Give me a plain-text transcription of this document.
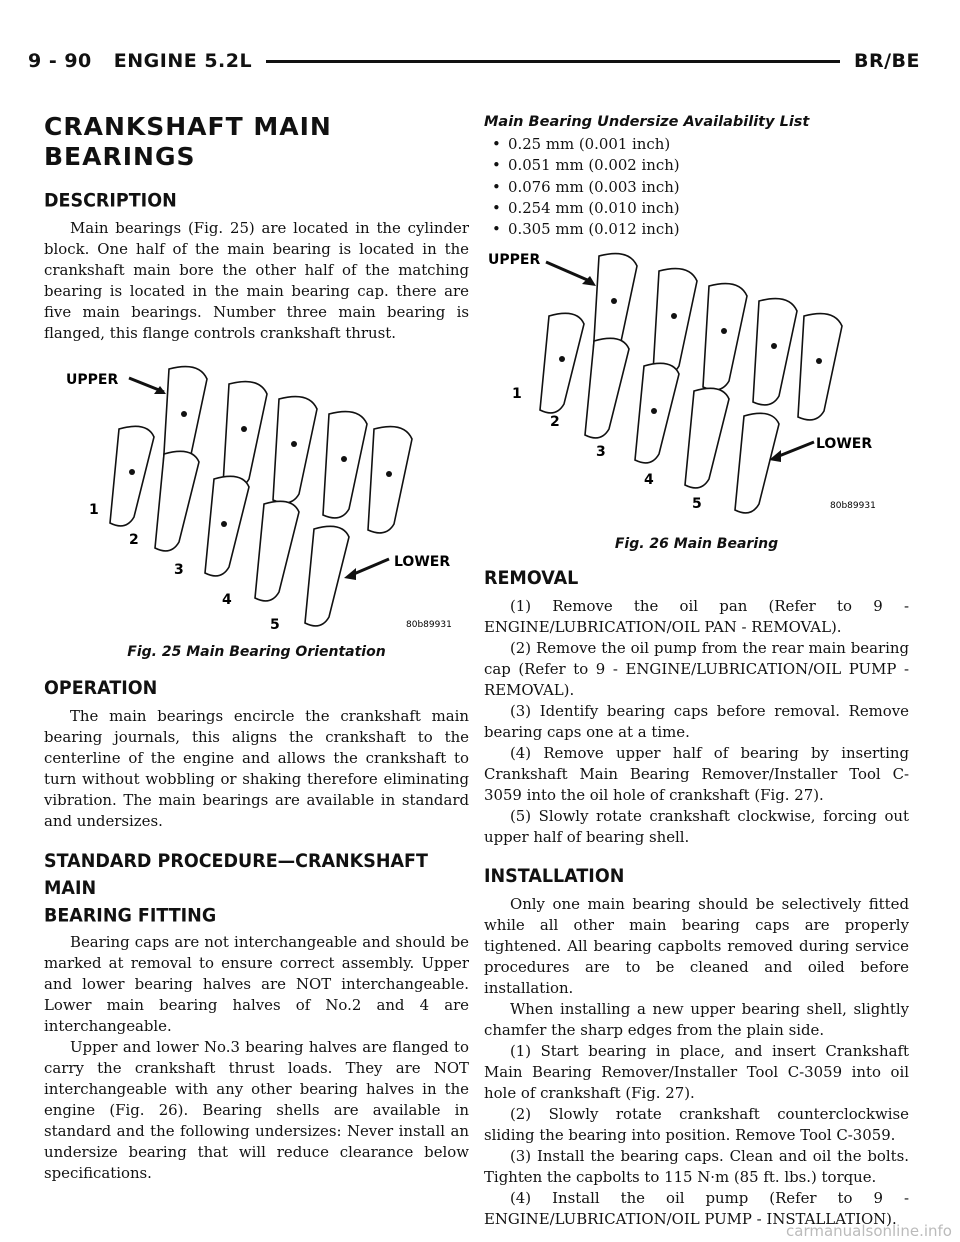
9 - 90 ENGINE 5.2L	BR/BE
CRANKSHAFT MAIN
BEARINGS
DESCRIPTION

Main bearings (Fig. 25) are located in the cylinder block. One half of the main bearing is located in the crankshaft main bore the other half of the matching bearing is located in the main bearing cap. there are five main bearings. Number three main bearing is flanged, this flange controls crankshaft thrust.

UPPER
LOWER
1
2
3
4
5	80b89931
Fig. 25 Main Bearing Orientation
OPERATION

The main bearings encircle the crankshaft main bearing journals, this aligns the crankshaft to the centerline of the engine and allows the crankshaft to turn without wobbling or shaking therefore eliminating vibration. The main bearings are available in standard and undersizes.

STANDARD PROCEDURE—CRANKSHAFT MAIN
BEARING FITTING

Bearing caps are not interchangeable and should be marked at removal to ensure correct assembly. Upper and lower bearing halves are NOT interchangeable. Lower main bearing halves of No.2 and 4 are interchangeable.

Upper and lower No.3 bearing halves are flanged to carry the crankshaft thrust loads. They are NOT interchangeable with any other bearing halves in the engine (Fig. 26). Bearing shells are available in standard and the following undersizes: Never install an undersize bearing that will reduce clearance below specifications.

Main Bearing Undersize Availability List
• 0.25 mm (0.001 inch)
• 0.051 mm (0.002 inch)
• 0.076 mm (0.003 inch)
• 0.254 mm (0.010 inch)
• 0.305 mm (0.012 inch)
UPPER
LOWER
1
2
3
4
5	80b89931
Fig. 26 Main Bearing
REMOVAL

(1) Remove the oil pan (Refer to 9 - ENGINE/LUBRICATION/OIL PAN - REMOVAL).

(2) Remove the oil pump from the rear main bearing cap (Refer to 9 - ENGINE/LUBRICATION/OIL PUMP - REMOVAL).

(3) Identify bearing caps before removal. Remove bearing caps one at a time.

(4) Remove upper half of bearing by inserting Crankshaft Main Bearing Remover/Installer Tool C-3059 into the oil hole of crankshaft (Fig. 27).

(5) Slowly rotate crankshaft clockwise, forcing out upper half of bearing shell.

INSTALLATION

Only one main bearing should be selectively fitted while all other main bearing caps are properly tightened. All bearing capbolts removed during service procedures are to be cleaned and oiled before installation.

When installing a new upper bearing shell, slightly chamfer the sharp edges from the plain side.

(1) Start bearing in place, and insert Crankshaft Main Bearing Remover/Installer Tool C-3059 into oil hole of crankshaft (Fig. 27).

(2) Slowly rotate crankshaft counterclockwise sliding the bearing into position. Remove Tool C-3059.

(3) Install the bearing caps. Clean and oil the bolts. Tighten the capbolts to 115 N·m (85 ft. lbs.) torque.

(4) Install the oil pump (Refer to 9 - ENGINE/LUBRICATION/OIL PUMP - INSTALLATION).

carmanualsonline.info
